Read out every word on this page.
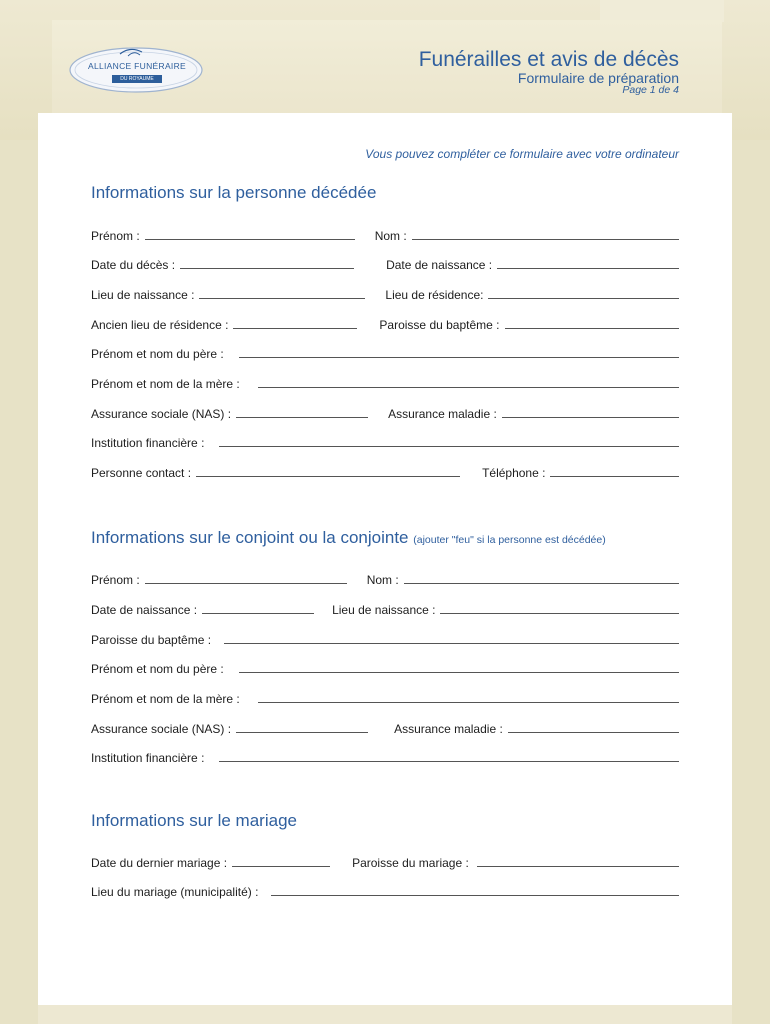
ALLIANCE FUNÉRAIRE
DU ROYAUME
Funérailles et avis de décès
Formulaire de préparation
Page 1 de 4
Vous pouvez compléter ce formulaire avec votre ordinateur
Informations sur la personne décédée
Prénom :	Nom :
Date du décès :	Date de naissance :
Lieu de naissance :	Lieu de résidence:
Ancien lieu de résidence :	Paroisse du baptême :
Prénom et nom du père :
Prénom et nom de la mère :
Assurance sociale (NAS) :	Assurance maladie :
Institution financière :
Personne contact :	Téléphone :
Informations sur le conjoint ou la conjointe (ajouter "feu" si la personne est décédée)
Prénom :	Nom :
Date de naissance :	Lieu de naissance :
Paroisse du baptême :
Prénom et nom du père :
Prénom et nom de la mère :
Assurance sociale (NAS) :	Assurance maladie :
Institution financière :
Informations sur le mariage
Date du dernier mariage :	Paroisse du mariage :
Lieu du mariage (municipalité) :
